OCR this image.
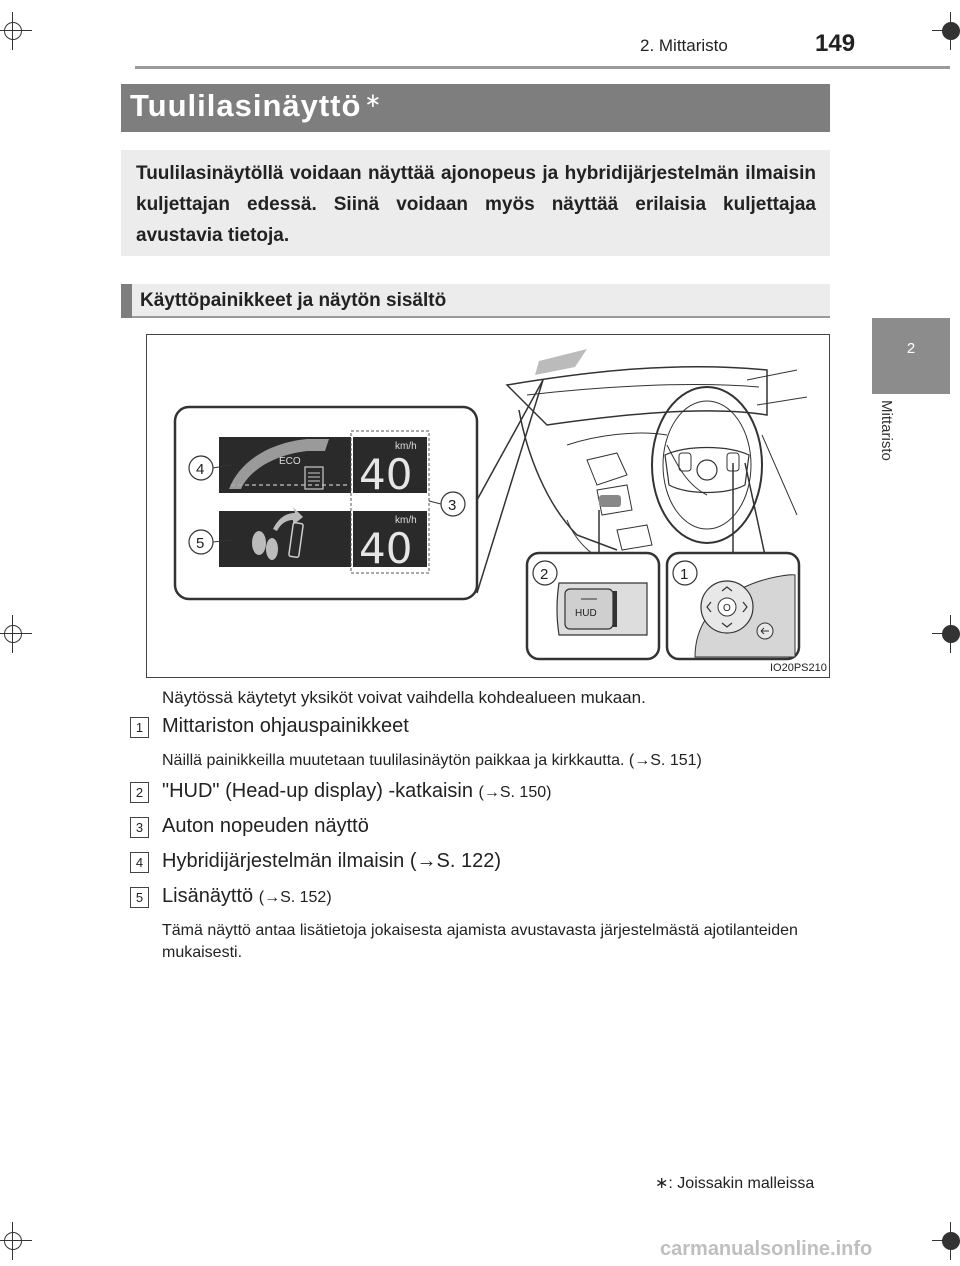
2. Mittaristo	149
2
Mittaristo
Tuulilasinäyttö ∗
Tuulilasinäytöllä voidaan näyttää ajonopeus ja hybridijärjestelmän ilmaisin kuljettajan edessä. Siinä voidaan myös näyttää erilaisia kuljettajaa avustavia tietoja.
Käyttöpainikkeet ja näytön sisältö
ECO
km/h
40
km/h
40
4
5
3
HUD
2
O
1
IO20PS210
Näytössä käytetyt yksiköt voivat vaihdella kohdealueen mukaan.
1 Mittariston ohjauspainikkeet
Näillä painikkeilla muutetaan tuulilasinäytön paikkaa ja kirkkautta. (→S. 151)
2 "HUD" (Head-up display) -katkaisin (→S. 150)
3 Auton nopeuden näyttö
4 Hybridijärjestelmän ilmaisin (→S. 122)
5 Lisänäyttö (→S. 152)
Tämä näyttö antaa lisätietoja jokaisesta ajamista avustavasta järjestelmästä ajotilanteiden mukaisesti.
∗: Joissakin malleissa
carmanualsonline.info
